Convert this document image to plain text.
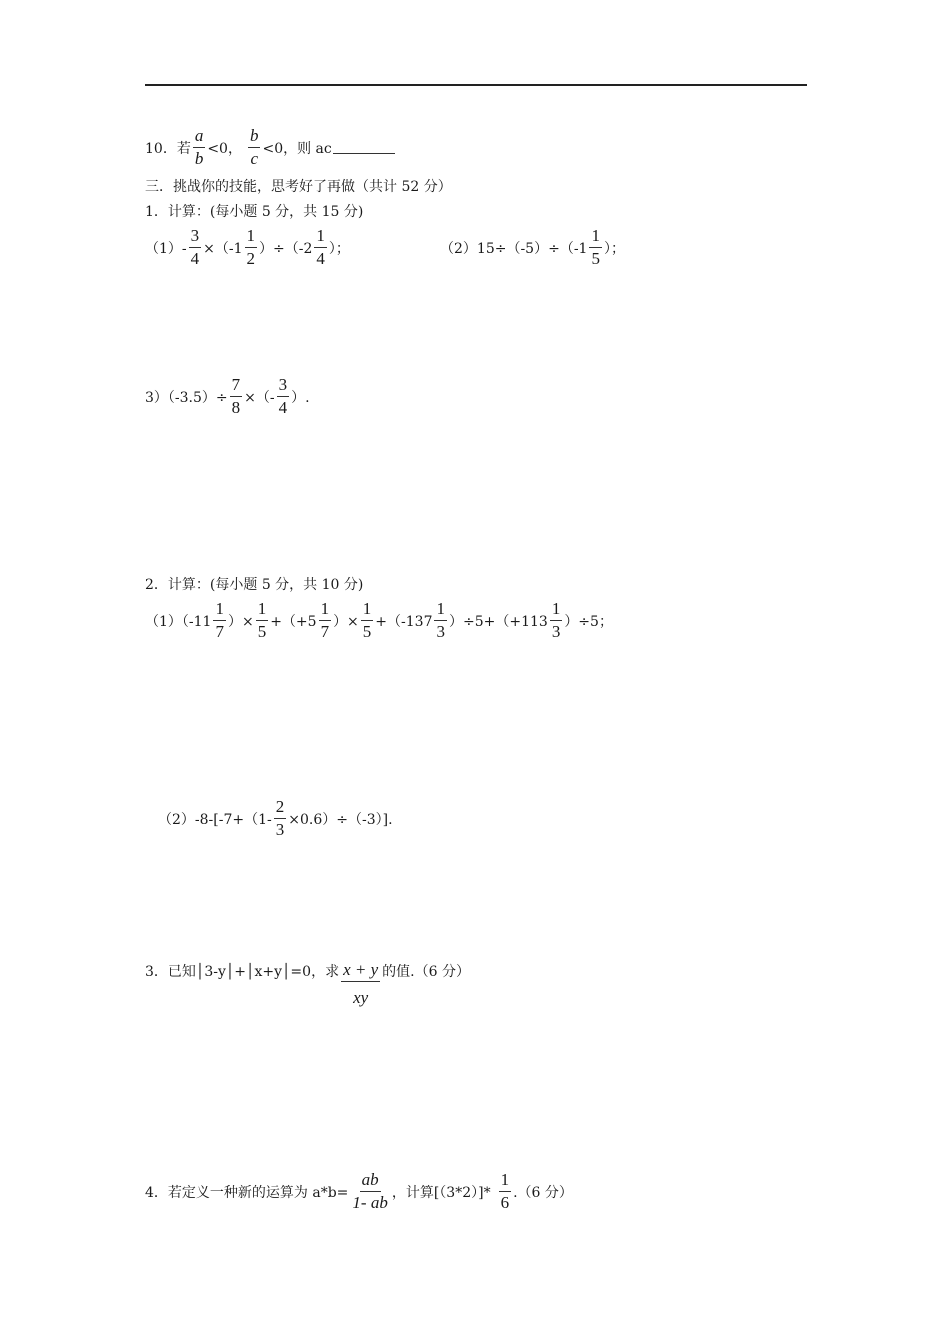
10．若 $\frac{a}{b} <0$， $\frac{b}{c} <0$，则 ac
三．挑战你的技能，思考好了再做（共计 52 分）
1．计算：(每小题 5 分，共 15 分)
$(1)- \frac{3}{4} \times(-1 \frac{1}{2} )\div(-2 \frac{1}{4}$ ）；	$(2)15\div(-5)\div(-1 \frac{1}{5}$ ）；
$3)(-3.5)\div \frac{7}{8}$ ×（- $\frac{3}{4}$ ）.
2．计算：(每小题 5 分，共 10 分)
$(1)(-11 \frac{1}{7}$ ）× $\frac{1}{5} +(+5 \frac{1}{7}$ ）× $\frac{1}{5} +(-137 \frac{1}{3} )\div 5+(+113 \frac{1}{3} )\div 5$；
$(2)-8-[-7+(1- \frac{2}{3} \times 0.6)\div(-3)]$.
3．已知│3-y│+│x+y│=0，求 $\frac{x + y}{xy}$ 的值.（6 分）
4．若定义一种新的运算为 $a*b= \frac{ab}{1- ab}$ ，计算$[(3*2)]* \frac{1}{6} .(6$ 分）
